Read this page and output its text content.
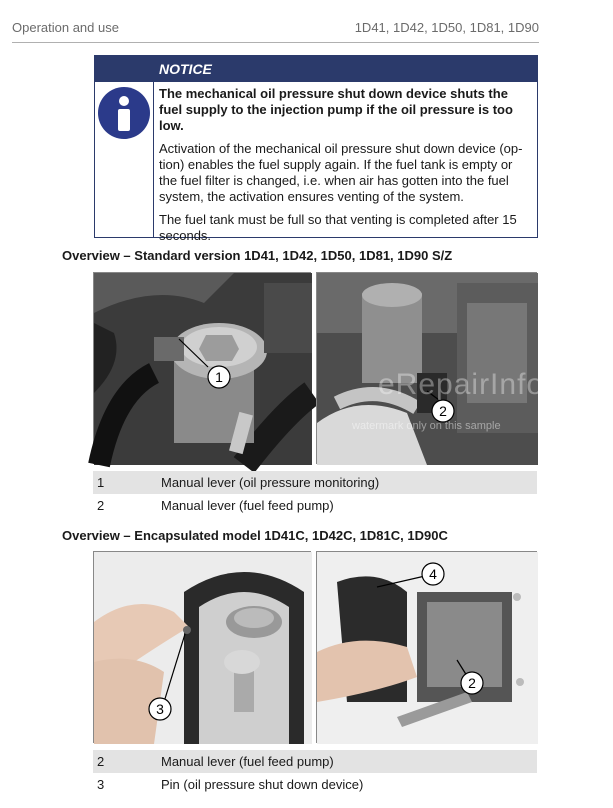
Operation and use	1D41, 1D42, 1D50, 1D81, 1D90
NOTICE

The mechanical oil pressure shut down device shuts the fuel supply to the injection pump if the oil pressure is too low.

Activation of the mechanical oil pressure shut down device (option) enables the fuel supply again. If the fuel tank is empty or the fuel filter is changed, i.e. when air has gotten into the fuel system, the activation ensures venting of the system.

The fuel tank must be full so that venting is completed after 15 seconds.

Overview – Standard version 1D41, 1D42, 1D50, 1D81, 1D90 S/Z
1
2
eRepairInfo.com
watermark only on this sample
1	Manual lever (oil pressure monitoring)
2	Manual lever (fuel feed pump)
Overview – Encapsulated model 1D41C, 1D42C, 1D81C, 1D90C
3
4
2
2	Manual lever (fuel feed pump)
3	Pin (oil pressure shut down device)
